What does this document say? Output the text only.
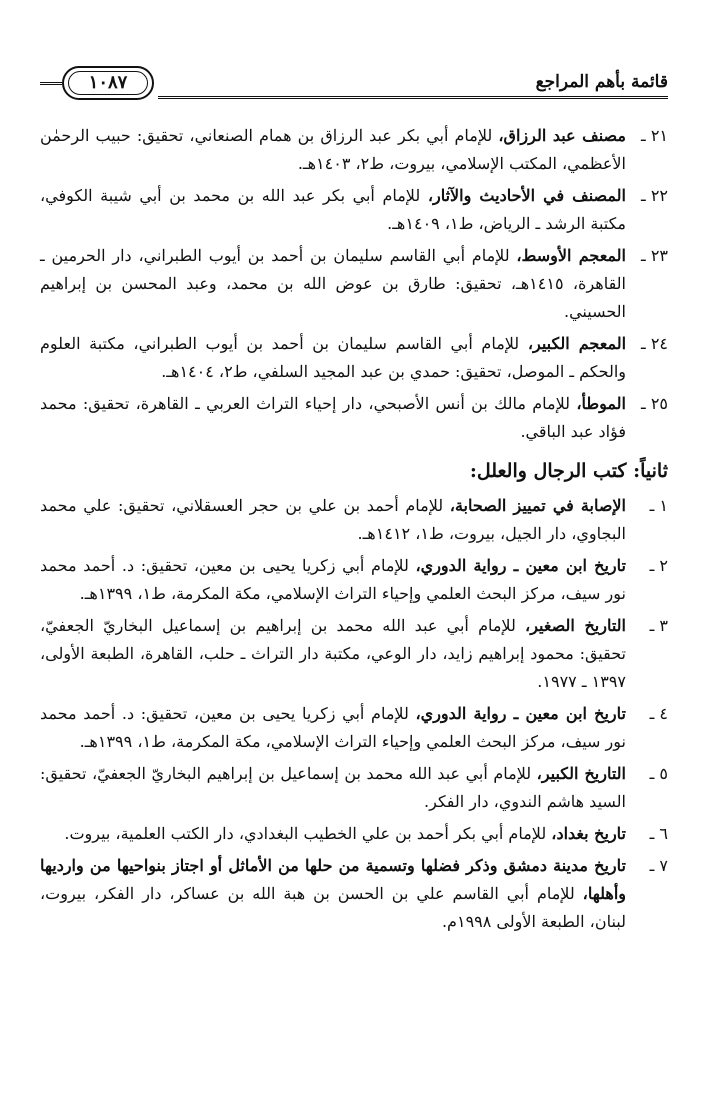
قائمة بأهم المراجع
١٠٨٧
٢١ ـ
مصنف عبد الرزاق، للإمام أبي بكر عبد الرزاق بن همام الصنعاني، تحقيق: حبيب الرحمٰن الأعظمي، المكتب الإسلامي، بيروت، ط٢، ١٤٠٣هـ.
٢٢ ـ
المصنف في الأحاديث والآثار، للإمام أبي بكر عبد الله بن محمد بن أبي شيبة الكوفي، مكتبة الرشد ـ الرياض، ط١، ١٤٠٩هـ.
٢٣ ـ
المعجم الأوسط، للإمام أبي القاسم سليمان بن أحمد بن أيوب الطبراني، دار الحرمين ـ القاهرة، ١٤١٥هـ، تحقيق: طارق بن عوض الله بن محمد، وعبد المحسن بن إبراهيم الحسيني.
٢٤ ـ
المعجم الكبير، للإمام أبي القاسم سليمان بن أحمد بن أيوب الطبراني، مكتبة العلوم والحكم ـ الموصل، تحقيق: حمدي بن عبد المجيد السلفي، ط٢، ١٤٠٤هـ.
٢٥ ـ
الموطأ، للإمام مالك بن أنس الأصبحي، دار إحياء التراث العربي ـ القاهرة، تحقيق: محمد فؤاد عبد الباقي.
ثانياً: كتب الرجال والعلل:
١ ـ
الإصابة في تمييز الصحابة، للإمام أحمد بن علي بن حجر العسقلاني، تحقيق: علي محمد البجاوي، دار الجيل، بيروت، ط١، ١٤١٢هـ.
٢ ـ
تاريخ ابن معين ـ رواية الدوري، للإمام أبي زكريا يحيى بن معين، تحقيق: د. أحمد محمد نور سيف، مركز البحث العلمي وإحياء التراث الإسلامي، مكة المكرمة، ط١، ١٣٩٩هـ.
٣ ـ
التاريخ الصغير، للإمام أبي عبد الله محمد بن إبراهيم بن إسماعيل البخاريّ الجعفيّ، تحقيق: محمود إبراهيم زايد، دار الوعي، مكتبة دار التراث ـ حلب، القاهرة، الطبعة الأولى، ١٣٩٧ ـ ١٩٧٧.
٤ ـ
تاريخ ابن معين ـ رواية الدوري، للإمام أبي زكريا يحيى بن معين، تحقيق: د. أحمد محمد نور سيف، مركز البحث العلمي وإحياء التراث الإسلامي، مكة المكرمة، ط١، ١٣٩٩هـ.
٥ ـ
التاريخ الكبير، للإمام أبي عبد الله محمد بن إسماعيل بن إبراهيم البخاريّ الجعفيّ، تحقيق: السيد هاشم الندوي، دار الفكر.
٦ ـ
تاريخ بغداد، للإمام أبي بكر أحمد بن علي الخطيب البغدادي، دار الكتب العلمية، بيروت.
٧ ـ
تاريخ مدينة دمشق وذكر فضلها وتسمية من حلها من الأماثل أو اجتاز بنواحيها من وارديها وأهلها، للإمام أبي القاسم علي بن الحسن بن هبة الله بن عساكر، دار الفكر، بيروت، لبنان، الطبعة الأولى ١٩٩٨م.
